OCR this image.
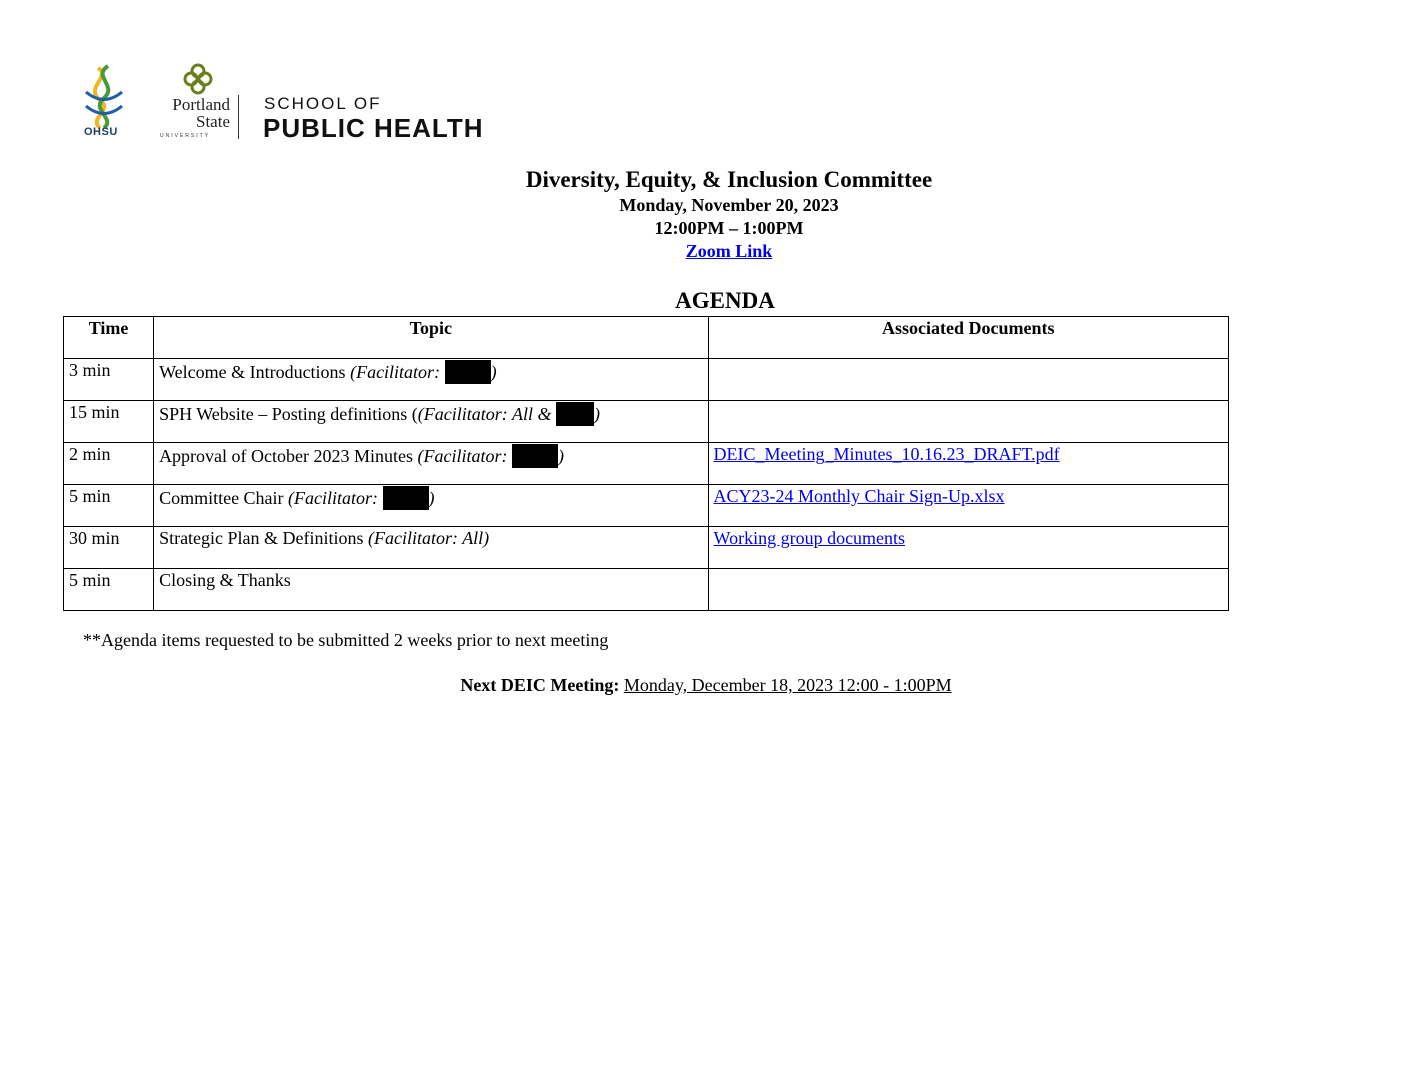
OHSU
Portland
State
UNIVERSITY
SCHOOL OF
PUBLIC HEALTH
Diversity, Equity, & Inclusion Committee
Monday, November 20, 2023
12:00PM – 1:00PM
Zoom Link
AGENDA
Time	Topic	Associated Documents
3 min	Welcome & Introductions (Facilitator: )	
15 min	SPH Website – Posting definitions ((Facilitator: All & )	
2 min	Approval of October 2023 Minutes (Facilitator: )	DEIC_Meeting_Minutes_10.16.23_DRAFT.pdf
5 min	Committee Chair (Facilitator: )	ACY23-24 Monthly Chair Sign-Up.xlsx
30 min	Strategic Plan & Definitions (Facilitator: All)	Working group documents
5 min	Closing & Thanks	
**Agenda items requested to be submitted 2 weeks prior to next meeting
Next DEIC Meeting: Monday, December 18, 2023 12:00 - 1:00PM
